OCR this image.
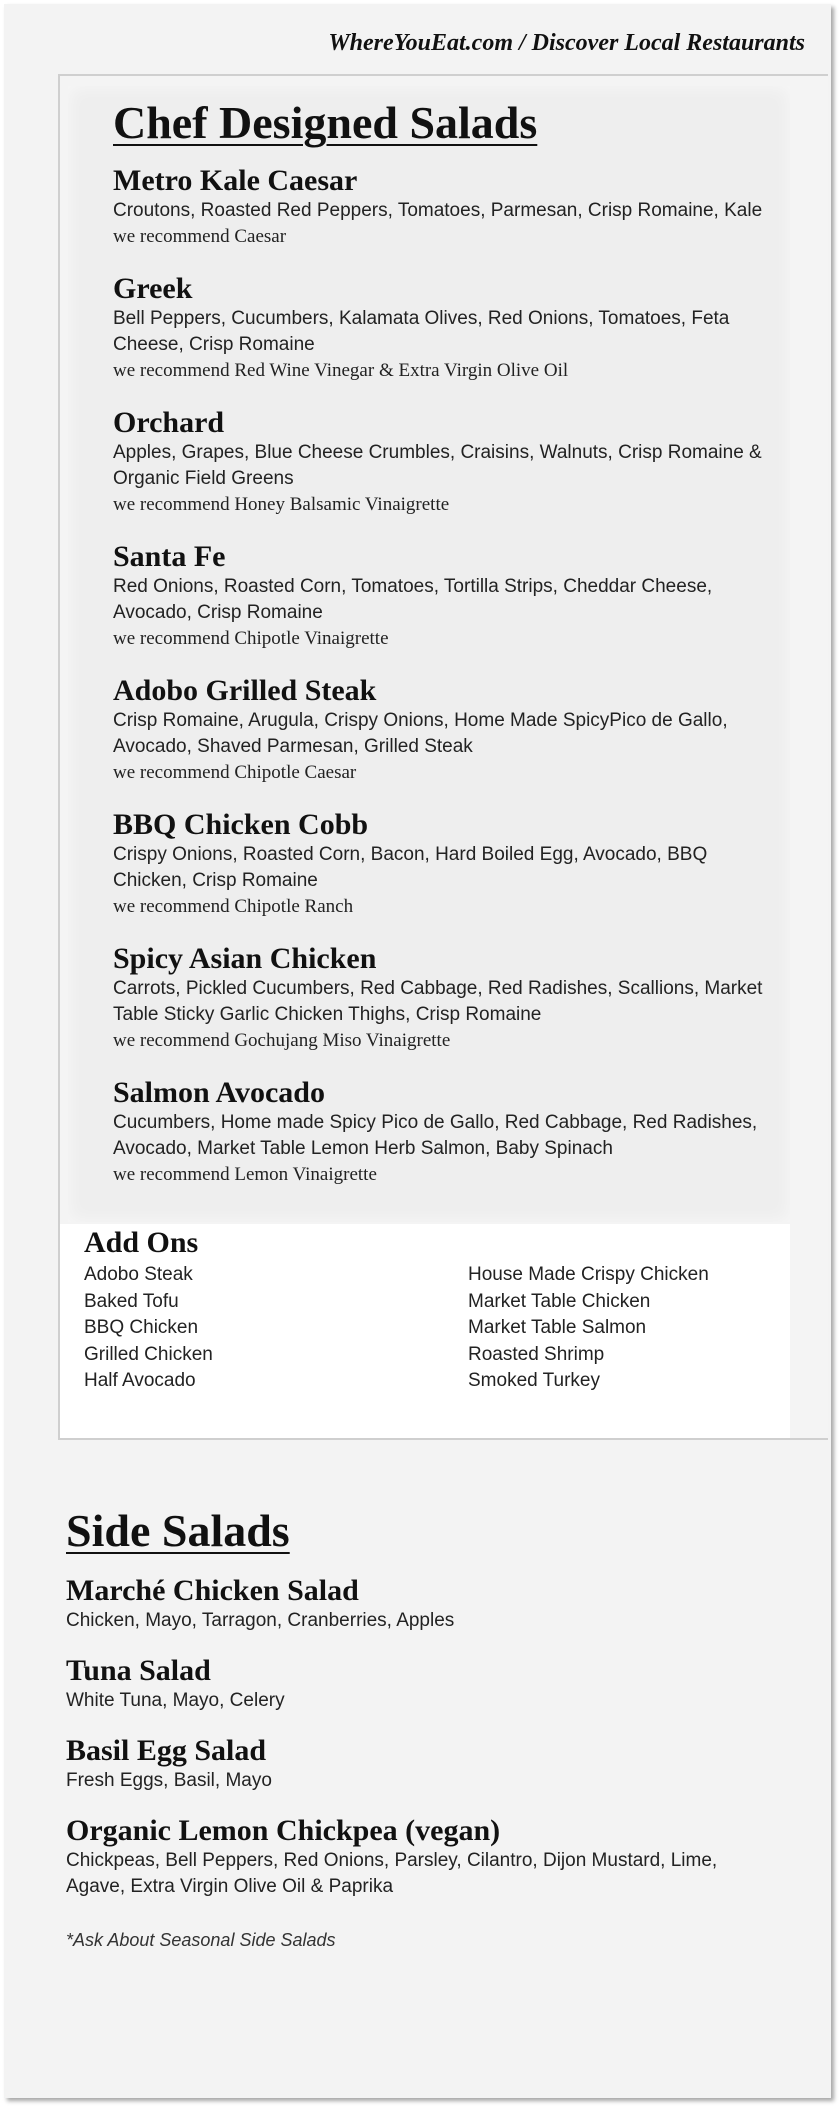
WhereYouEat.com / Discover Local Restaurants
Chef Designed Salads
Metro Kale Caesar

Croutons, Roasted Red Peppers, Tomatoes, Parmesan, Crisp Romaine, Kale

we recommend Caesar

Greek

Bell Peppers, Cucumbers, Kalamata Olives, Red Onions, Tomatoes, Feta Cheese, Crisp Romaine

we recommend Red Wine Vinegar & Extra Virgin Olive Oil

Orchard

Apples, Grapes, Blue Cheese Crumbles, Craisins, Walnuts, Crisp Romaine & Organic Field Greens

we recommend Honey Balsamic Vinaigrette

Santa Fe

Red Onions, Roasted Corn, Tomatoes, Tortilla Strips, Cheddar Cheese, Avocado, Crisp Romaine

we recommend Chipotle Vinaigrette

Adobo Grilled Steak

Crisp Romaine, Arugula, Crispy Onions, Home Made SpicyPico de Gallo, Avocado, Shaved Parmesan, Grilled Steak

we recommend Chipotle Caesar

BBQ Chicken Cobb

Crispy Onions, Roasted Corn, Bacon, Hard Boiled Egg, Avocado, BBQ Chicken, Crisp Romaine

we recommend Chipotle Ranch

Spicy Asian Chicken

Carrots, Pickled Cucumbers, Red Cabbage, Red Radishes, Scallions, Market Table Sticky Garlic Chicken Thighs, Crisp Romaine

we recommend Gochujang Miso Vinaigrette

Salmon Avocado

Cucumbers, Home made Spicy Pico de Gallo, Red Cabbage, Red Radishes, Avocado, Market Table Lemon Herb Salmon, Baby Spinach

we recommend Lemon Vinaigrette

Add Ons
Adobo Steak
Baked Tofu
BBQ Chicken
Grilled Chicken
Half Avocado
House Made Crispy Chicken
Market Table Chicken
Market Table Salmon
Roasted Shrimp
Smoked Turkey
Side Salads
Marché Chicken Salad

Chicken, Mayo, Tarragon, Cranberries, Apples

Tuna Salad

White Tuna, Mayo, Celery

Basil Egg Salad

Fresh Eggs, Basil, Mayo

Organic Lemon Chickpea (vegan)

Chickpeas, Bell Peppers, Red Onions, Parsley, Cilantro, Dijon Mustard, Lime, Agave, Extra Virgin Olive Oil & Paprika

*Ask About Seasonal Side Salads
